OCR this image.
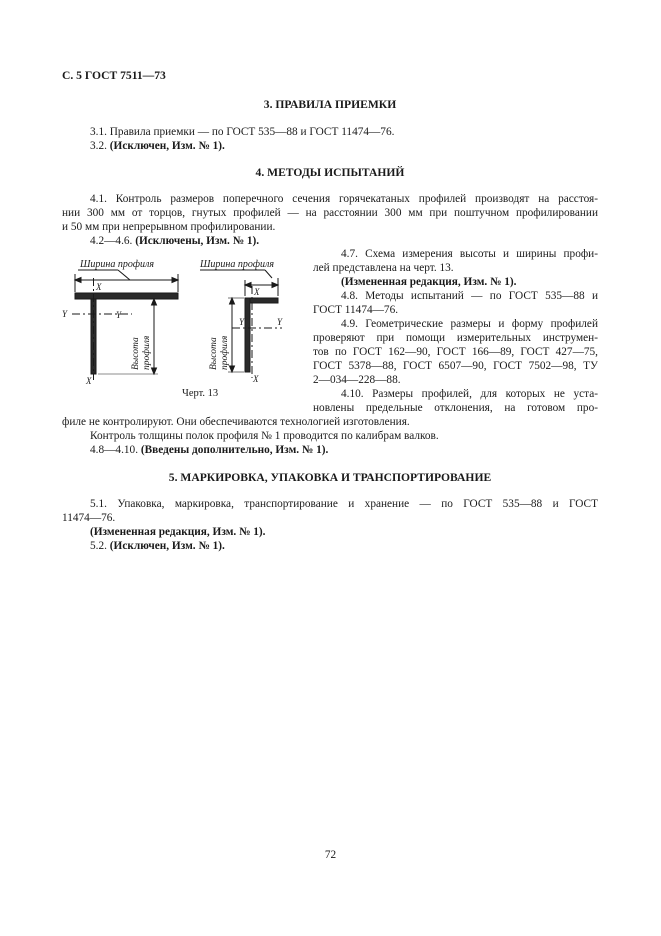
С. 5 ГОСТ 7511—73
3. ПРАВИЛА ПРИЕМКИ
3.1. Правила приемки — по ГОСТ 535—88 и ГОСТ 11474—76.
3.2. (Исключен, Изм. № 1).
4. МЕТОДЫ ИСПЫТАНИЙ
4.1. Контроль размеров поперечного сечения горячекатаных профилей производят на расстоя-
нии 300 мм от торцов, гнутых профилей — на расстоянии 300 мм при поштучном профилировании
и 50 мм при непрерывном профилировании.
4.2—4.6. (Исключены, Изм. № 1).
4.7. Схема измерения высоты и ширины профи-
лей представлена на черт. 13.
(Измененная редакция, Изм. № 1).
4.8. Методы испытаний — по ГОСТ 535—88 и
ГОСТ 11474—76.
4.9. Геометрические размеры и форму профилей
проверяют при помощи измерительных инструмен-
тов по ГОСТ 162—90, ГОСТ 166—89, ГОСТ 427—75,
ГОСТ 5378—88, ГОСТ 6507—90, ГОСТ 7502—98, ТУ
2—034—228—88.
4.10. Размеры профилей, для которых не уста-
новлены предельные отклонения, на готовом про-
филе не контролируют. Они обеспечиваются технологией изготовления.
Контроль толщины полок профиля № 1 проводится по калибрам валков.
4.8—4.10. (Введены дополнительно, Изм. № 1).
5. МАРКИРОВКА, УПАКОВКА И ТРАНСПОРТИРОВАНИЕ
5.1. Упаковка, маркировка, транспортирование и хранение — по ГОСТ 535—88 и ГОСТ
11474—76.
(Измененная редакция, Изм. № 1).
5.2. (Исключен, Изм. № 1).
Ширина профиля	Ширина профиля
X
X
Y	Y
X
X
Y	Y
Высота профиля	Высота профиля
Черт. 13
72
